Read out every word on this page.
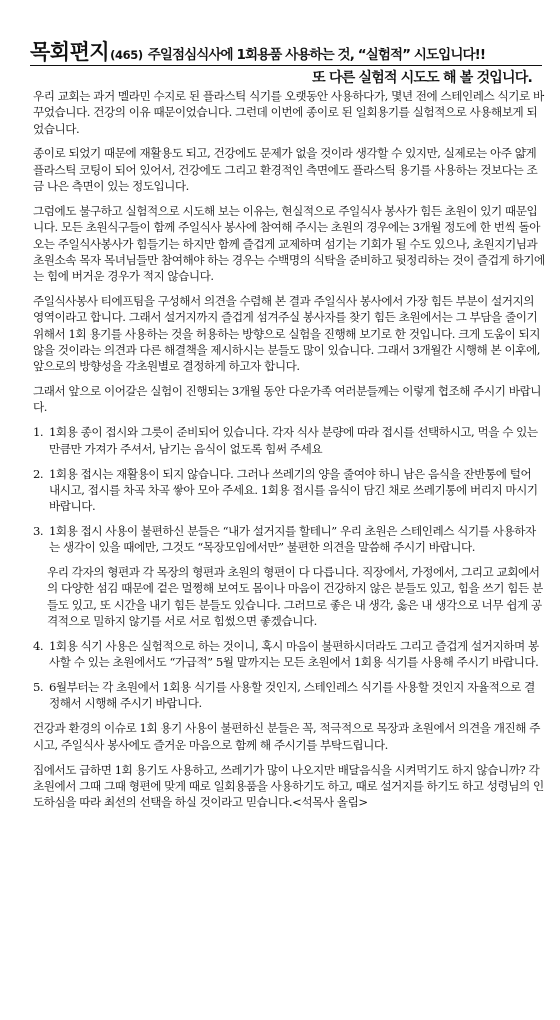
목회편지 (465) 주일점심식사에 1회용품 사용하는 것, “실험적” 시도입니다!!
또 다른 실험적 시도도 해 볼 것입니다.

우리 교회는 과거 멜라민 수지로 된 플라스틱 식기를 오랫동안 사용하다가, 몇년 전에 스테인레스 식기로 바꾸었습니다. 건강의 이유 때문이었습니다. 그런데 이번에 종이로 된 일회용기를 실험적으로 사용해보게 되었습니다.

종이로 되었기 때문에 재활용도 되고, 건강에도 문제가 없을 것이라 생각할 수 있지만, 실제로는 아주 얇게 플라스틱 코팅이 되어 있어서, 건강에도 그리고 환경적인 측면에도 플라스틱 용기를 사용하는 것보다는 조금 나은 측면이 있는 정도입니다.

그럼에도 불구하고 실험적으로 시도해 보는 이유는, 현실적으로 주일식사 봉사가 힘든 초원이 있기 때문입니다. 모든 초원식구들이 함께 주일식사 봉사에 참여해 주시는 초원의 경우에는 3개월 정도에 한 번씩 돌아오는 주일식사봉사가 힘들기는 하지만 함께 즐겁게 교제하며 섬기는 기회가 될 수도 있으나, 초원지기님과 초원소속 목자 목녀님들만 참여해야 하는 경우는 수백명의 식탁을 준비하고 뒷정리하는 것이 즐겁게 하기에는 힘에 버거운 경우가 적지 않습니다.

주일식사봉사 티에프팀을 구성해서 의견을 수렴해 본 결과 주일식사 봉사에서 가장 힘든 부분이 설거지의 영역이라고 합니다. 그래서 설거지까지 즐겁게 섬겨주실 봉사자를 찾기 힘든 초원에서는 그 부담을 줄이기 위해서 1회 용기를 사용하는 것을 허용하는 방향으로 실험을 진행해 보기로 한 것입니다. 크게 도움이 되지 않을 것이라는 의견과 다른 해결책을 제시하시는 분들도 많이 있습니다. 그래서 3개월간 시행해 본 이후에, 앞으로의 방향성을 각초원별로 결정하게 하고자 합니다.

그래서 앞으로 이어갈은 실험이 진행되는 3개월 동안 다운가족 여러분들께는 이렇게 협조해 주시기 바랍니다.

1. 1회용 종이 접시와 그릇이 준비되어 있습니다. 각자 식사 분량에 따라 접시를 선택하시고, 먹을 수 있는 만큼만 가져가 주셔서, 남기는 음식이 없도록 힘써 주세요
2. 1회용 접시는 재활용이 되지 않습니다. 그러나 쓰레기의 양을 줄여야 하니 남은 음식을 잔반통에 털어 내시고, 접시를 차곡 차곡 쌓아 모아 주세요. 1회용 접시를 음식이 담긴 채로 쓰레기통에 버리지 마시기 바랍니다.
3. 1회용 접시 사용이 불편하신 분들은 “내가 설거지를 할테니” 우리 초원은 스테인레스 식기를 사용하자는 생각이 있을 때에만, 그것도 “목장모임에서만” 불편한 의견을 말씀해 주시기 바랍니다.

우리 각자의 형편과 각 목장의 형편과 초원의 형편이 다 다릅니다. 직장에서, 가정에서, 그리고 교회에서의 다양한 섬김 때문에 겉은 멀쩡해 보여도 몸이나 마음이 건강하지 않은 분들도 있고, 힘을 쓰기 힘든 분들도 있고, 또 시간을 내기 힘든 분들도 있습니다. 그러므로 좋은 내 생각, 옳은 내 생각으로 너무 쉽게 공격적으로 밀하지 않기를 서로 서로 힘썼으면 좋겠습니다.

4. 1회용 식기 사용은 실험적으로 하는 것이니, 혹시 마음이 불편하시더라도 그리고 즐겁게 설거지하며 봉사할 수 있는 초원에서도 “가급적” 5월 말까지는 모든 초원에서 1회용 식기를 사용해 주시기 바랍니다.
5. 6월부터는 각 초원에서 1회용 식기를 사용할 것인지, 스테인레스 식기를 사용할 것인지 자율적으로 결정해서 시행해 주시기 바랍니다.

건강과 환경의 이슈로 1회 용기 사용이 불편하신 분들은 꼭, 적극적으로 목장과 초원에서 의견을 개진해 주시고, 주일식사 봉사에도 즐거운 마음으로 함께 해 주시기를 부탁드립니다.

집에서도 급하면 1회 용기도 사용하고, 쓰레기가 많이 나오지만 배달음식을 시켜먹기도 하지 않습니까? 각 초원에서 그때 그때 형편에 맞게 때로 일회용품을 사용하기도 하고, 때로 설거지를 하기도 하고 성령님의 인도하심을 따라 최선의 선택을 하실 것이라고 믿습니다.<석목사 올림>
